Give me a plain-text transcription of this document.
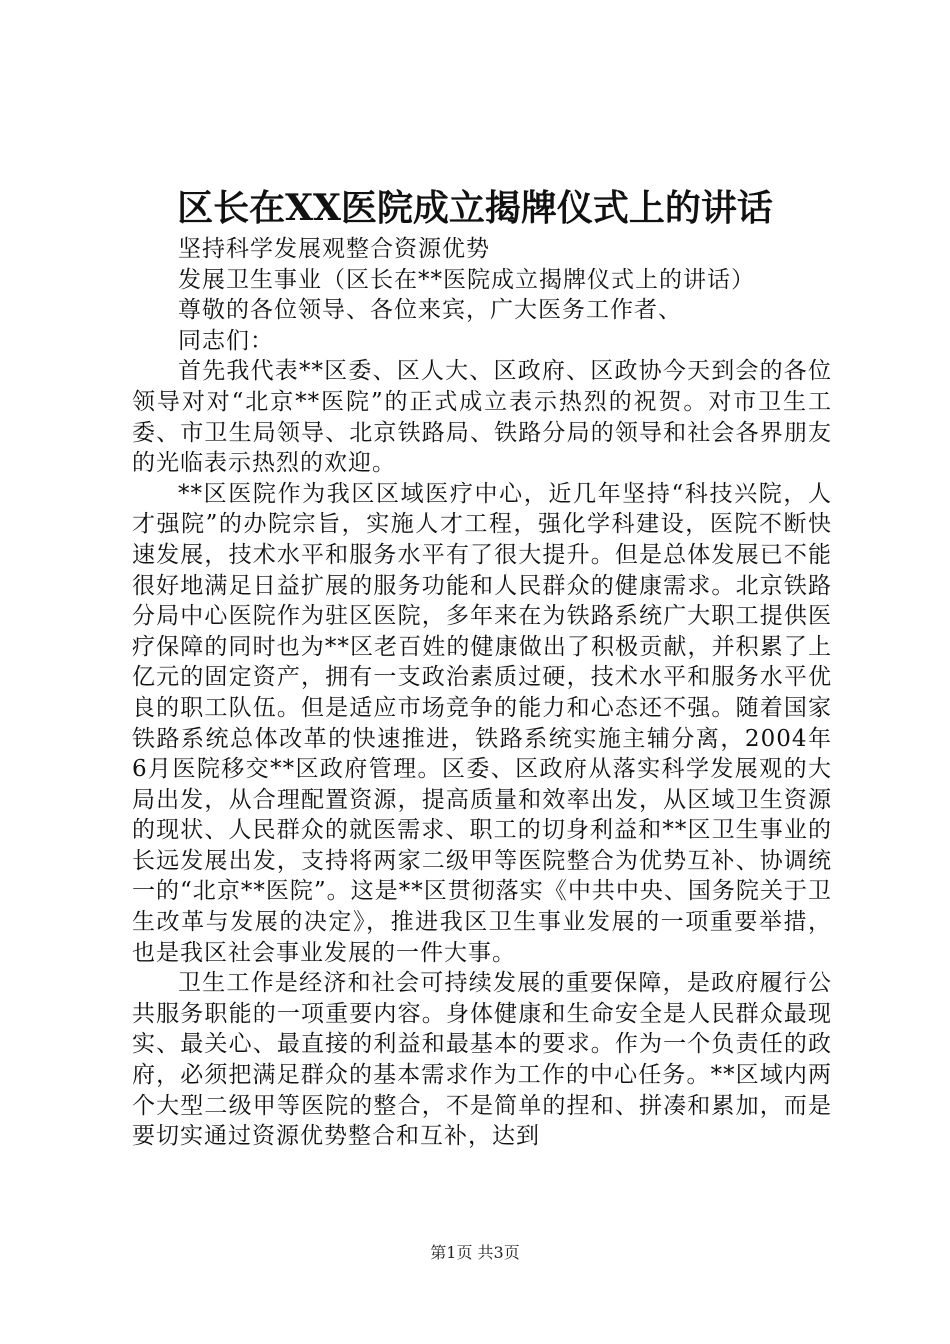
区长在XX医院成立揭牌仪式上的讲话

坚持科学发展观整合资源优势

发展卫生事业（区长在**医院成立揭牌仪式上的讲话）

尊敬的各位领导、各位来宾，广大医务工作者、

同志们：

首先我代表**区委、区人大、区政府、区政协今天到会的各位领导对对“北京**医院”的正式成立表示热烈的祝贺。对市卫生工委、市卫生局领导、北京铁路局、铁路分局的领导和社会各界朋友的光临表示热烈的欢迎。

**区医院作为我区区域医疗中心，近几年坚持“科技兴院，人才强院”的办院宗旨，实施人才工程，强化学科建设，医院不断快速发展，技术水平和服务水平有了很大提升。但是总体发展已不能很好地满足日益扩展的服务功能和人民群众的健康需求。北京铁路分局中心医院作为驻区医院，多年来在为铁路系统广大职工提供医疗保障的同时也为**区老百姓的健康做出了积极贡献，并积累了上亿元的固定资产，拥有一支政治素质过硬，技术水平和服务水平优良的职工队伍。但是适应市场竞争的能力和心态还不强。随着国家铁路系统总体改革的快速推进，铁路系统实施主辅分离，2004年6月医院移交**区政府管理。区委、区政府从落实科学发展观的大局出发，从合理配置资源，提高质量和效率出发，从区域卫生资源的现状、人民群众的就医需求、职工的切身利益和**区卫生事业的长远发展出发，支持将两家二级甲等医院整合为优势互补、协调统一的“北京**医院”。这是**区贯彻落实《中共中央、国务院关于卫生改革与发展的决定》，推进我区卫生事业发展的一项重要举措，也是我区社会事业发展的一件大事。

卫生工作是经济和社会可持续发展的重要保障，是政府履行公共服务职能的一项重要内容。身体健康和生命安全是人民群众最现实、最关心、最直接的利益和最基本的要求。作为一个负责任的政府，必须把满足群众的基本需求作为工作的中心任务。**区域内两个大型二级甲等医院的整合，不是简单的捏和、拼凑和累加，而是要切实通过资源优势整合和互补，达到

第1页 共3页
